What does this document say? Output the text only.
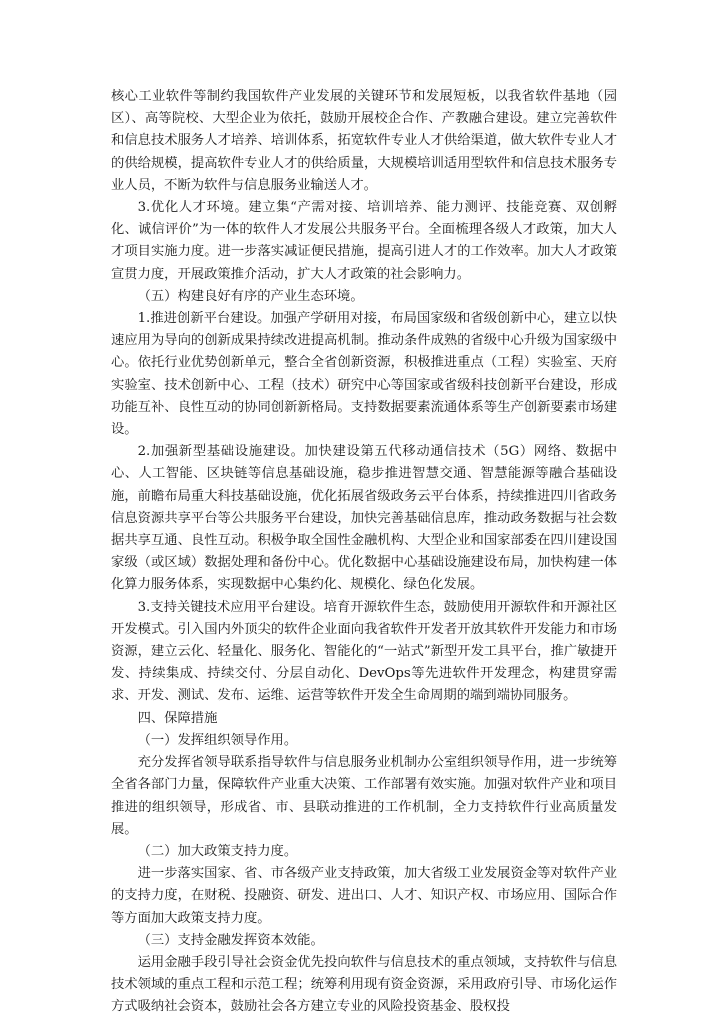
核心工业软件等制约我国软件产业发展的关键环节和发展短板，以我省软件基地（园区）、高等院校、大型企业为依托，鼓励开展校企合作、产教融合建设。建立完善软件和信息技术服务人才培养、培训体系，拓宽软件专业人才供给渠道，做大软件专业人才的供给规模，提高软件专业人才的供给质量，大规模培训适用型软件和信息技术服务专业人员，不断为软件与信息服务业输送人才。

3.优化人才环境。建立集“产需对接、培训培养、能力测评、技能竞赛、双创孵化、诚信评价”为一体的软件人才发展公共服务平台。全面梳理各级人才政策，加大人才项目实施力度。进一步落实减证便民措施，提高引进人才的工作效率。加大人才政策宣贯力度，开展政策推介活动，扩大人才政策的社会影响力。

（五）构建良好有序的产业生态环境。

1.推进创新平台建设。加强产学研用对接，布局国家级和省级创新中心，建立以快速应用为导向的创新成果持续改进提高机制。推动条件成熟的省级中心升级为国家级中心。依托行业优势创新单元，整合全省创新资源，积极推进重点（工程）实验室、天府实验室、技术创新中心、工程（技术）研究中心等国家或省级科技创新平台建设，形成功能互补、良性互动的协同创新新格局。支持数据要素流通体系等生产创新要素市场建设。

2.加强新型基础设施建设。加快建设第五代移动通信技术（5G）网络、数据中心、人工智能、区块链等信息基础设施，稳步推进智慧交通、智慧能源等融合基础设施，前瞻布局重大科技基础设施，优化拓展省级政务云平台体系，持续推进四川省政务信息资源共享平台等公共服务平台建设，加快完善基础信息库，推动政务数据与社会数据共享互通、良性互动。积极争取全国性金融机构、大型企业和国家部委在四川建设国家级（或区域）数据处理和备份中心。优化数据中心基础设施建设布局，加快构建一体化算力服务体系，实现数据中心集约化、规模化、绿色化发展。

3.支持关键技术应用平台建设。培育开源软件生态，鼓励使用开源软件和开源社区开发模式。引入国内外顶尖的软件企业面向我省软件开发者开放其软件开发能力和市场资源，建立云化、轻量化、服务化、智能化的“一站式”新型开发工具平台，推广敏捷开发、持续集成、持续交付、分层自动化、DevOps等先进软件开发理念，构建贯穿需求、开发、测试、发布、运维、运营等软件开发全生命周期的端到端协同服务。

四、保障措施

（一）发挥组织领导作用。

充分发挥省领导联系指导软件与信息服务业机制办公室组织领导作用，进一步统筹全省各部门力量，保障软件产业重大决策、工作部署有效实施。加强对软件产业和项目推进的组织领导，形成省、市、县联动推进的工作机制，全力支持软件行业高质量发展。

（二）加大政策支持力度。

进一步落实国家、省、市各级产业支持政策，加大省级工业发展资金等对软件产业的支持力度，在财税、投融资、研发、进出口、人才、知识产权、市场应用、国际合作等方面加大政策支持力度。

（三）支持金融发挥资本效能。

运用金融手段引导社会资金优先投向软件与信息技术的重点领域，支持软件与信息技术领域的重点工程和示范工程；统筹利用现有资金资源，采用政府引导、市场化运作方式吸纳社会资本，鼓励社会各方建立专业的风险投资基金、股权投
